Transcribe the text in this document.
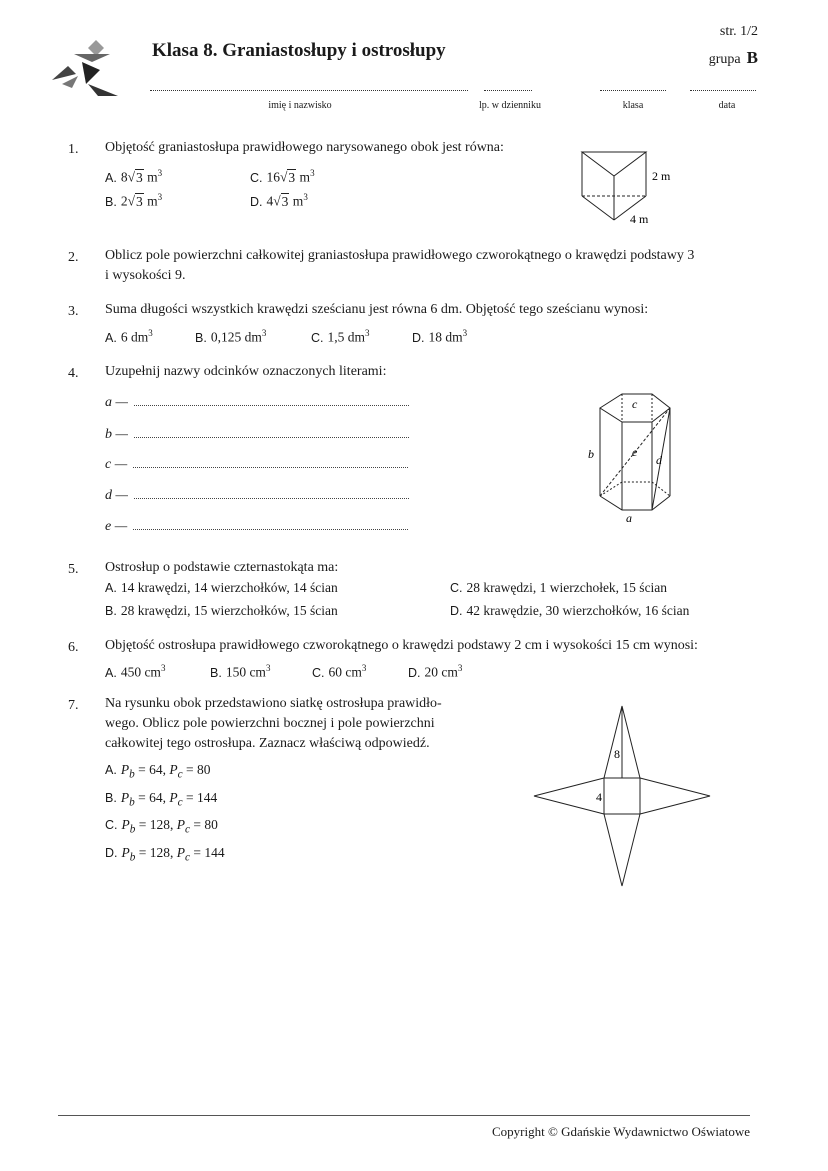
Klasa 8. Graniastosłupy i ostrosłupy
str. 1/2
grupa B
imię i nazwisko	lp. w dzienniku	klasa	data
1. Objętość graniastosłupa prawidłowego narysowanego obok jest równa:
A. 8√3 $m^3$	C. 16√3 $m^3$
B. 2√3 $m^3$	D. 4√3 $m^3$
2 m
4 m
2. Oblicz pole powierzchni całkowitej graniastosłupa prawidłowego czworokątnego o krawędzi podstawy 3
i wysokości 9.
3. Suma długości wszystkich krawędzi sześcianu jest równa 6 dm. Objętość tego sześcianu wynosi:
A. 6 $dm^3$	B. 0,125 $dm^3$	C. 1,5 $dm^3$	D. 18 $dm^3$
4. Uzupełnij nazwy odcinków oznaczonych literami:
a —
b —
c —
d —
e —
c
b	e
d
a
5. Ostrosłup o podstawie czternastokąta ma:
A. 14 krawędzi, 14 wierzchołków, 14 ścian	C. 28 krawędzi, 1 wierzchołek, 15 ścian
B. 28 krawędzi, 15 wierzchołków, 15 ścian	D. 42 krawędzie, 30 wierzchołków, 16 ścian
6. Objętość ostrosłupa prawidłowego czworokątnego o krawędzi podstawy 2 cm i wysokości 15 cm wynosi:
A. 450 $cm^3$	B. 150 $cm^3$	C. 60 $cm^3$	D. 20 $cm^3$
7. Na rysunku obok przedstawiono siatkę ostrosłupa prawidło-
wego. Oblicz pole powierzchni bocznej i pole powierzchni
całkowitej tego ostrosłupa. Zaznacz właściwą odpowiedź.
A. $P_b = 64$, $P_c = 80$
B. $P_b = 64$, $P_c = 144$
C. $P_b = 128$, $P_c = 80$
D. $P_b = 128$, $P_c = 144$
8
4
Copyright © Gdańskie Wydawnictwo Oświatowe
